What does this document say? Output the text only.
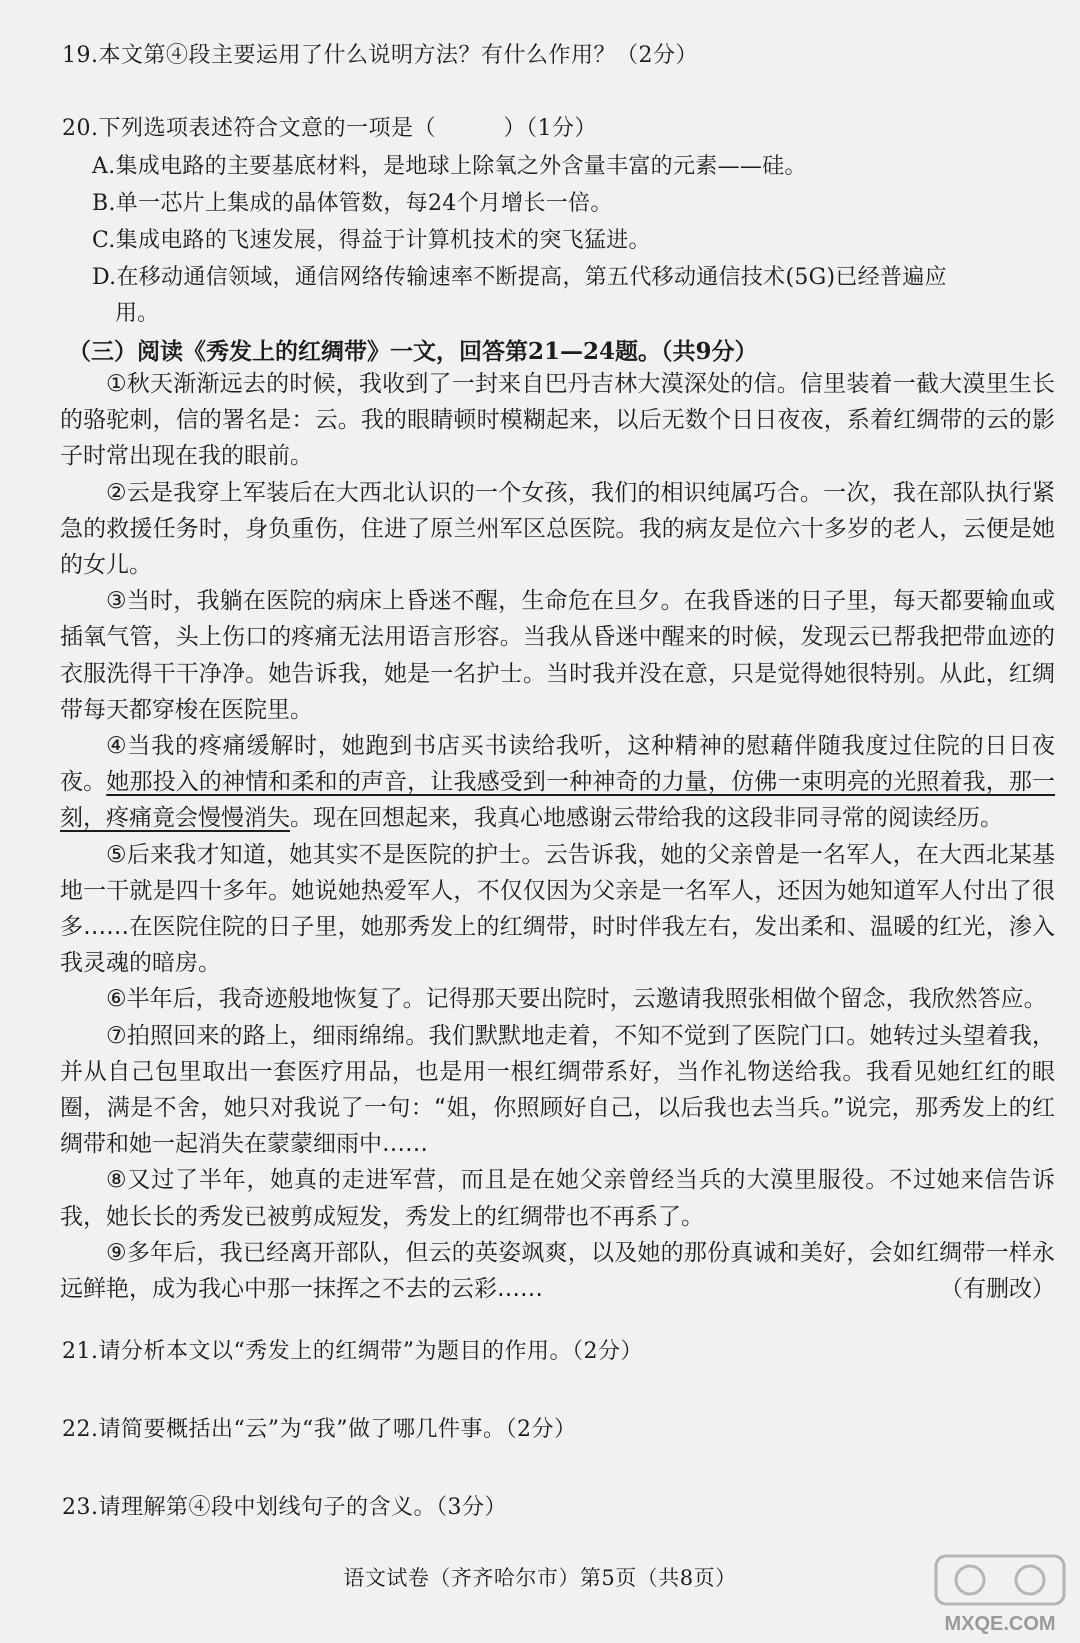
19.本文第④段主要运用了什么说明方法？有什么作用？（2分）
20.下列选项表述符合文意的一项是（　　　）（1分）
A.集成电路的主要基底材料，是地球上除氧之外含量丰富的元素——硅。
B.单一芯片上集成的晶体管数，每24个月增长一倍。
C.集成电路的飞速发展，得益于计算机技术的突飞猛进。
D.在移动通信领域，通信网络传输速率不断提高，第五代移动通信技术(5G)已经普遍应
用。
（三）阅读《秀发上的红绸带》一文，回答第21—24题。（共9分）

①秋天渐渐远去的时候，我收到了一封来自巴丹吉林大漠深处的信。信里装着一截大漠里生长的骆驼刺，信的署名是：云。我的眼睛顿时模糊起来，以后无数个日日夜夜，系着红绸带的云的影子时常出现在我的眼前。

②云是我穿上军装后在大西北认识的一个女孩，我们的相识纯属巧合。一次，我在部队执行紧急的救援任务时，身负重伤，住进了原兰州军区总医院。我的病友是位六十多岁的老人，云便是她的女儿。

③当时，我躺在医院的病床上昏迷不醒，生命危在旦夕。在我昏迷的日子里，每天都要输血或插氧气管，头上伤口的疼痛无法用语言形容。当我从昏迷中醒来的时候，发现云已帮我把带血迹的衣服洗得干干净净。她告诉我，她是一名护士。当时我并没在意，只是觉得她很特别。从此，红绸带每天都穿梭在医院里。

④当我的疼痛缓解时，她跑到书店买书读给我听，这种精神的慰藉伴随我度过住院的日日夜夜。她那投入的神情和柔和的声音，让我感受到一种神奇的力量，仿佛一束明亮的光照着我，那一刻，疼痛竟会慢慢消失。现在回想起来，我真心地感谢云带给我的这段非同寻常的阅读经历。

⑤后来我才知道，她其实不是医院的护士。云告诉我，她的父亲曾是一名军人，在大西北某基地一干就是四十多年。她说她热爱军人，不仅仅因为父亲是一名军人，还因为她知道军人付出了很多……在医院住院的日子里，她那秀发上的红绸带，时时伴我左右，发出柔和、温暖的红光，渗入我灵魂的暗房。

⑥半年后，我奇迹般地恢复了。记得那天要出院时，云邀请我照张相做个留念，我欣然答应。

⑦拍照回来的路上，细雨绵绵。我们默默地走着，不知不觉到了医院门口。她转过头望着我，并从自己包里取出一套医疗用品，也是用一根红绸带系好，当作礼物送给我。我看见她红红的眼圈，满是不舍，她只对我说了一句：“姐，你照顾好自己，以后我也去当兵。”说完，那秀发上的红绸带和她一起消失在蒙蒙细雨中……

⑧又过了半年，她真的走进军营，而且是在她父亲曾经当兵的大漠里服役。不过她来信告诉我，她长长的秀发已被剪成短发，秀发上的红绸带也不再系了。

⑨多年后，我已经离开部队，但云的英姿飒爽，以及她的那份真诚和美好，会如红绸带一样永远鲜艳，成为我心中那一抹挥之不去的云彩……	（有删改）

21.请分析本文以“秀发上的红绸带”为题目的作用。（2分）
22.请简要概括出“云”为“我”做了哪几件事。（2分）
23.请理解第④段中划线句子的含义。（3分）
语文试卷（齐齐哈尔市）第5页（共8页）
MXQE.COM
